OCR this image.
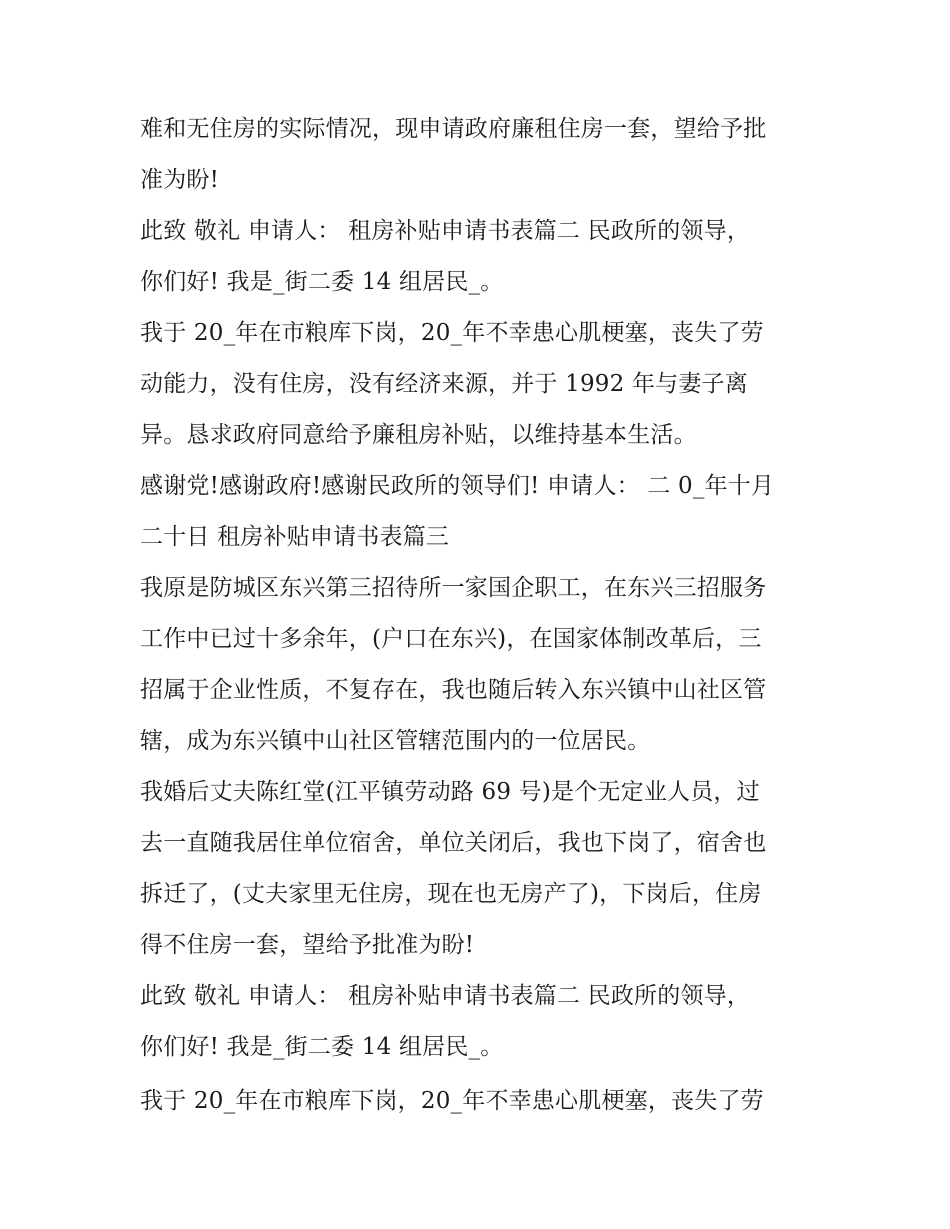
难和无住房的实际情况，现申请政府廉租住房一套，望给予批
准为盼!
此致 敬礼 申请人： 租房补贴申请书表篇二 民政所的领导，
你们好! 我是_街二委 14 组居民_。
我于 20_年在市粮库下岗，20_年不幸患心肌梗塞，丧失了劳
动能力，没有住房，没有经济来源，并于 1992 年与妻子离
异。恳求政府同意给予廉租房补贴，以维持基本生活。
感谢党!感谢政府!感谢民政所的领导们! 申请人： 二 0_年十月
二十日 租房补贴申请书表篇三
我原是防城区东兴第三招待所一家国企职工，在东兴三招服务
工作中已过十多余年，(户口在东兴)，在国家体制改革后，三
招属于企业性质，不复存在，我也随后转入东兴镇中山社区管
辖，成为东兴镇中山社区管辖范围内的一位居民。
我婚后丈夫陈红堂(江平镇劳动路 69 号)是个无定业人员，过
去一直随我居住单位宿舍，单位关闭后，我也下岗了，宿舍也
拆迁了，(丈夫家里无住房，现在也无房产了)，下岗后，住房
得不住房一套，望给予批准为盼!
此致 敬礼 申请人： 租房补贴申请书表篇二 民政所的领导，
你们好! 我是_街二委 14 组居民_。
我于 20_年在市粮库下岗，20_年不幸患心肌梗塞，丧失了劳
